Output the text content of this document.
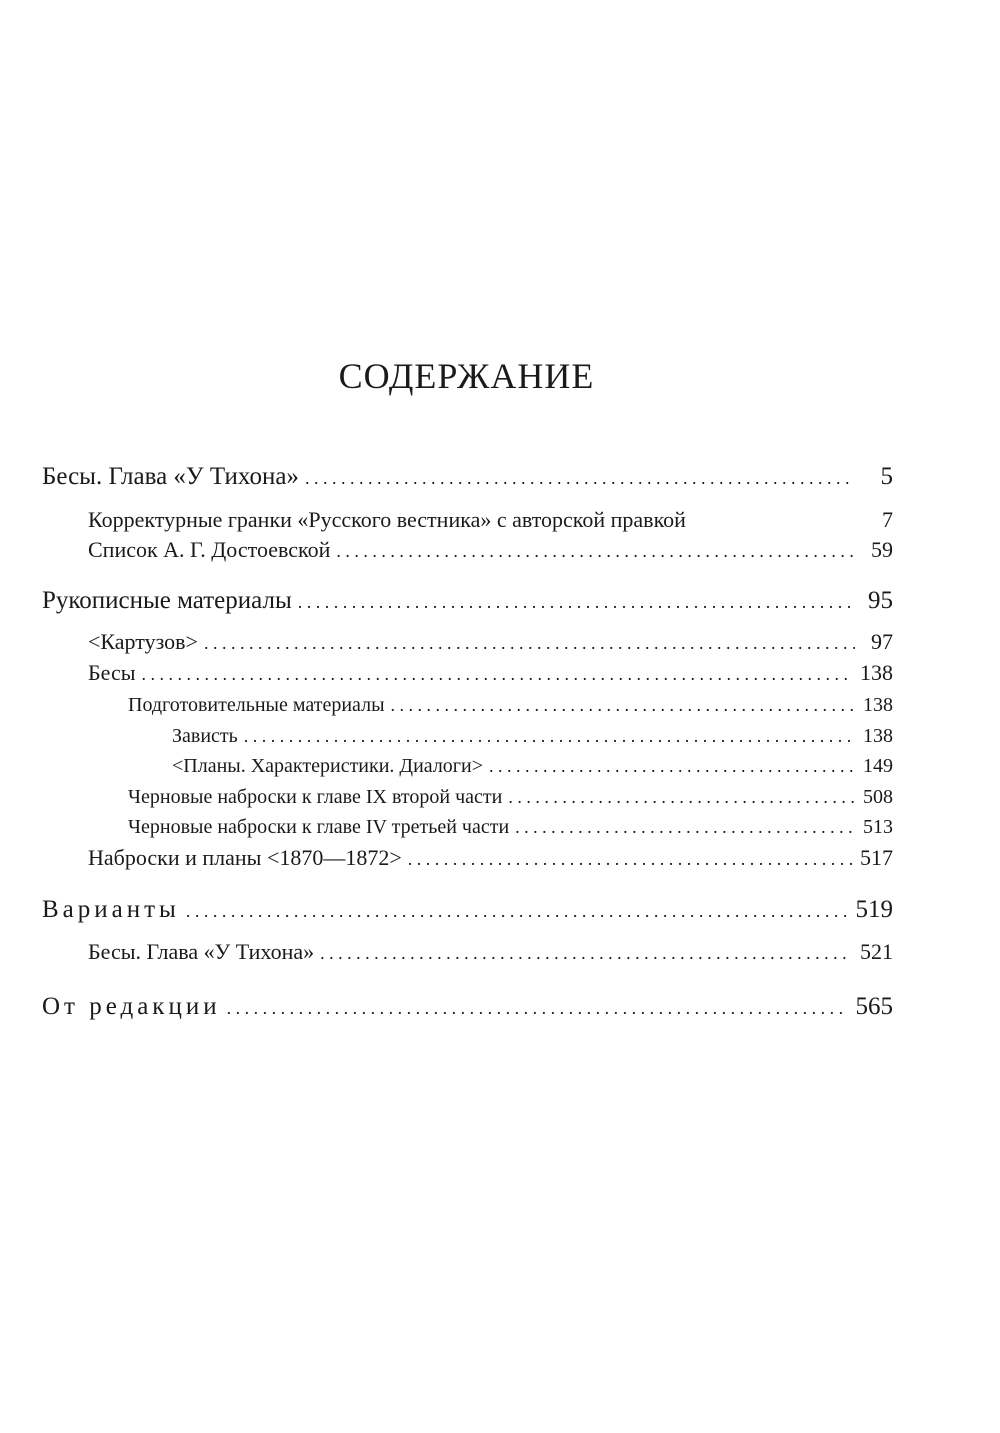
СОДЕРЖАНИЕ
Бесы. Глава «У Тихона» . . .	5
Корректурные гранки «Русского вестника» с авторской правкой	7
Список А. Г. Достоевской . . .	59
Рукописные материалы . . .	95
<Картузов> . . .	97
Бесы . . .	138
Подготовительные материалы . . .	138
Зависть . . .	138
<Планы. Характеристики. Диалоги> . . .	149
Черновые наброски к главе IX второй части . . .	508
Черновые наброски к главе IV третьей части . . .	513
Наброски и планы <1870—1872> . . .	517
Варианты . . .	519
Бесы. Глава «У Тихона» . . .	521
От редакции . . .	565
